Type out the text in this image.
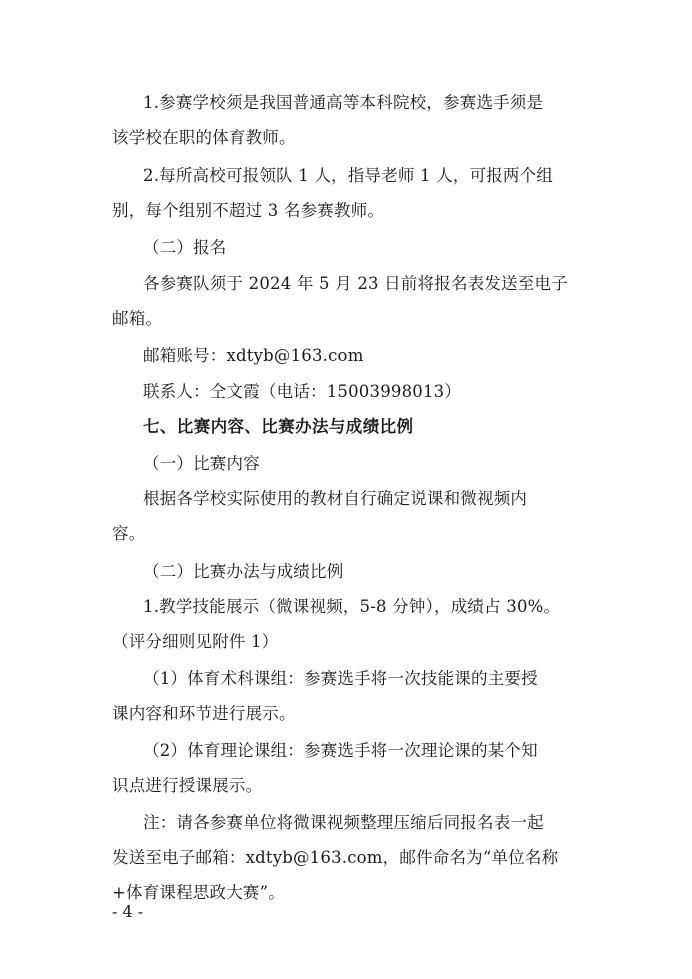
1.参赛学校须是我国普通高等本科院校，参赛选手须是
该学校在职的体育教师。
2.每所高校可报领队 1 人，指导老师 1 人，可报两个组
别，每个组别不超过 3 名参赛教师。
（二）报名
各参赛队须于 2024 年 5 月 23 日前将报名表发送至电子
邮箱。
邮箱账号：xdtyb@163.com
联系人：仝文霞（电话：15003998013）
七、比赛内容、比赛办法与成绩比例
（一）比赛内容
根据各学校实际使用的教材自行确定说课和微视频内
容。
（二）比赛办法与成绩比例
1.教学技能展示（微课视频，5-8 分钟），成绩占 30%。
（评分细则见附件 1）
（1）体育术科课组：参赛选手将一次技能课的主要授
课内容和环节进行展示。
（2）体育理论课组：参赛选手将一次理论课的某个知
识点进行授课展示。
注：请各参赛单位将微课视频整理压缩后同报名表一起
发送至电子邮箱：xdtyb@163.com，邮件命名为“单位名称
+体育课程思政大赛”。
- 4 -
